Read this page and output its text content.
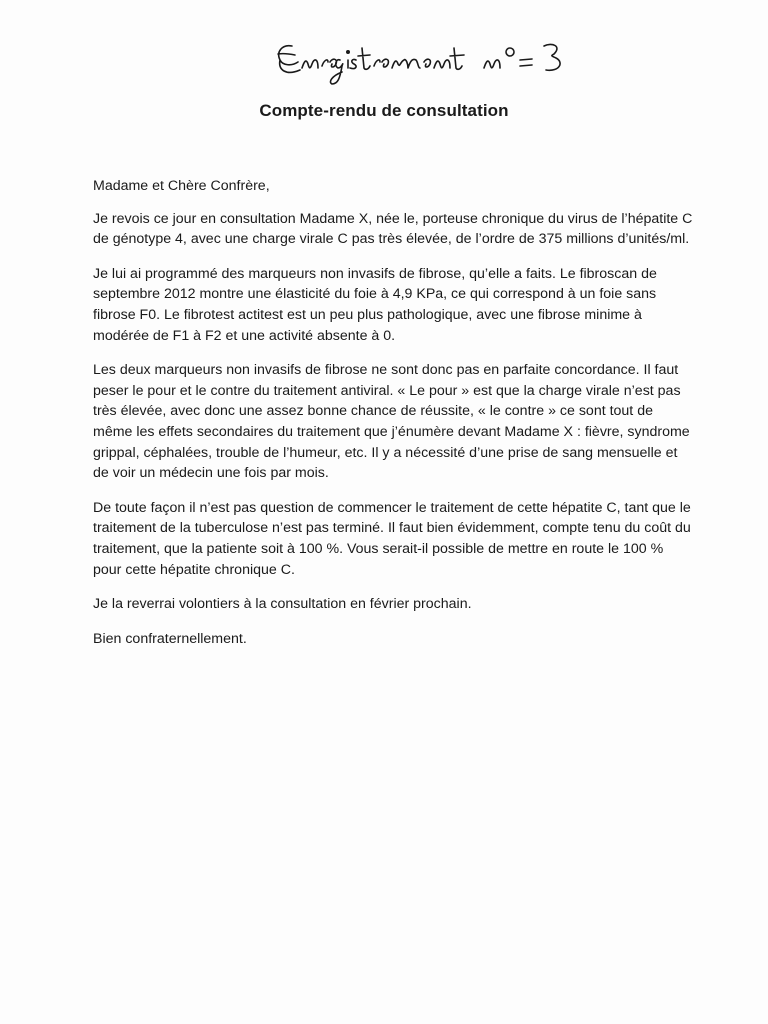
Compte-rendu de consultation

Madame et Chère Confrère,

Je revois ce jour en consultation Madame X, née le, porteuse chronique du virus de l’hépatite C de génotype 4, avec une charge virale C pas très élevée, de l’ordre de 375 millions d’unités/ml.

Je lui ai programmé des marqueurs non invasifs de fibrose, qu’elle a faits. Le fibroscan de septembre 2012 montre une élasticité du foie à 4,9 KPa, ce qui correspond à un foie sans fibrose F0. Le fibrotest actitest est un peu plus pathologique, avec une fibrose minime à modérée de F1 à F2 et une activité absente à 0.

Les deux marqueurs non invasifs de fibrose ne sont donc pas en parfaite concordance. Il faut peser le pour et le contre du traitement antiviral. « Le pour » est que la charge virale n’est pas très élevée, avec donc une assez bonne chance de réussite, « le contre » ce sont tout de même les effets secondaires du traitement que j’énumère devant Madame X : fièvre, syndrome grippal, céphalées, trouble de l’humeur, etc. Il y a nécessité d’une prise de sang mensuelle et de voir un médecin une fois par mois.

De toute façon il n’est pas question de commencer le traitement de cette hépatite C, tant que le traitement de la tuberculose n’est pas terminé. Il faut bien évidemment, compte tenu du coût du traitement, que la patiente soit à 100 %. Vous serait-il possible de mettre en route le 100 % pour cette hépatite chronique C.

Je la reverrai volontiers à la consultation en février prochain.

Bien confraternellement.
